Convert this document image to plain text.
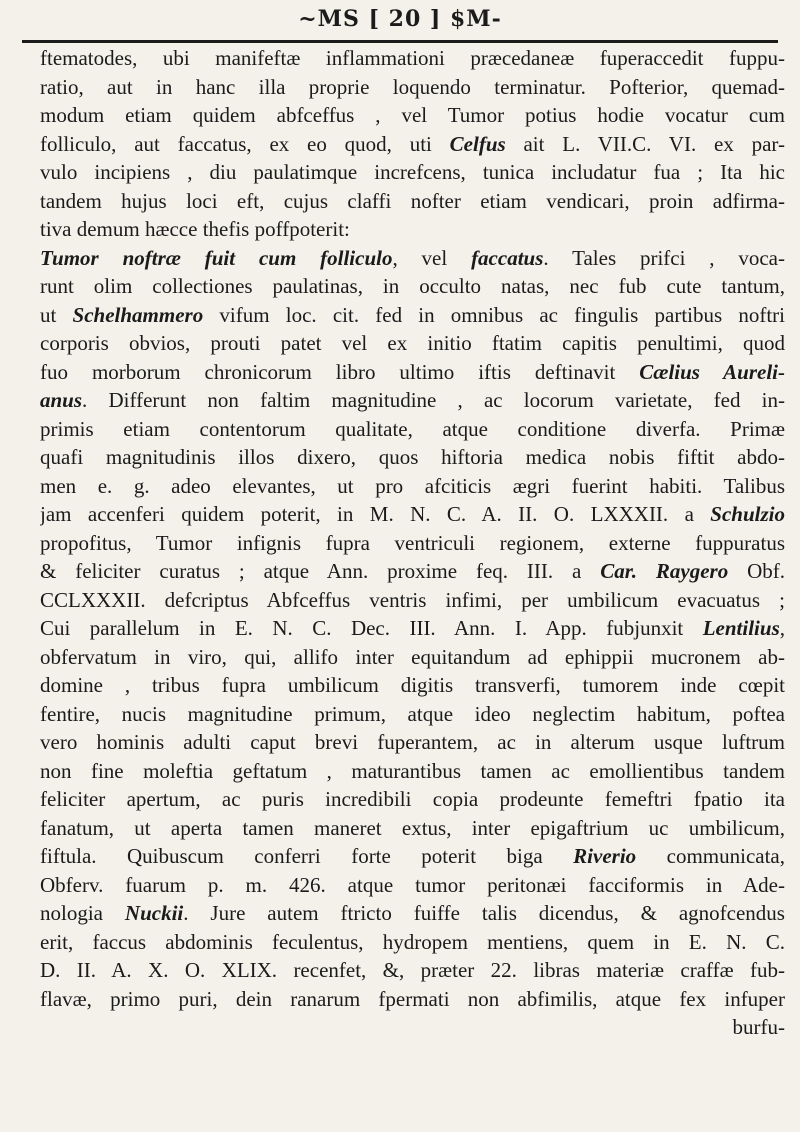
~MS [ 20 ] $M-
ftematodes, ubi manifeftæ inflammationi præcedaneæ fuperaccedit fuppu-
ratio, aut in hanc illa proprie loquendo terminatur. Pofterior, quemad-
modum etiam quidem abfceffus , vel Tumor potius hodie vocatur cum
folliculo, aut faccatus, ex eo quod, uti Celfus ait L. VII.C. VI. ex par-
vulo incipiens , diu paulatimque increfcens, tunica includatur fua ; Ita hic
tandem hujus loci eft, cujus claffi nofter etiam vendicari, proin adfirma-
tiva demum hæcce thefis poffpoterit:
Tumor noftræ fuit cum folliculo, vel faccatus. Tales prifci , voca-
runt olim collectiones paulatinas, in occulto natas, nec fub cute tantum,
ut Schelhammero vifum loc. cit. fed in omnibus ac fingulis partibus noftri
corporis obvios, prouti patet vel ex initio ftatim capitis penultimi, quod
fuo morborum chronicorum libro ultimo iftis deftinavit Cælius Aureli-
anus. Differunt non faltim magnitudine , ac locorum varietate, fed in-
primis etiam contentorum qualitate, atque conditione diverfa. Primæ
quafi magnitudinis illos dixero, quos hiftoria medica nobis fiftit abdo-
men e. g. adeo elevantes, ut pro afciticis ægri fuerint habiti. Talibus
jam accenferi quidem poterit, in M. N. C. A. II. O. LXXXII. a Schulzio
propofitus, Tumor infignis fupra ventriculi regionem, externe fuppuratus
& feliciter curatus ; atque Ann. proxime feq. III. a Car. Raygero Obf.
CCLXXXII. defcriptus Abfceffus ventris infimi, per umbilicum evacuatus ;
Cui parallelum in E. N. C. Dec. III. Ann. I. App. fubjunxit Lentilius,
obfervatum in viro, qui, allifo inter equitandum ad ephippii mucronem ab-
domine , tribus fupra umbilicum digitis transverfi, tumorem inde cœpit
fentire, nucis magnitudine primum, atque ideo neglectim habitum, poftea
vero hominis adulti caput brevi fuperantem, ac in alterum usque luftrum
non fine moleftia geftatum , maturantibus tamen ac emollientibus tandem
feliciter apertum, ac puris incredibili copia prodeunte femeftri fpatio ita
fanatum, ut aperta tamen maneret extus, inter epigaftrium uc umbilicum,
fiftula. Quibuscum conferri forte poterit biga Riverio communicata,
Obferv. fuarum p. m. 426. atque tumor peritonæi facciformis in Ade-
nologia Nuckii. Jure autem ftricto fuiffe talis dicendus, & agnofcendus
erit, faccus abdominis feculentus, hydropem mentiens, quem in E. N. C.
D. II. A. X. O. XLIX. recenfet, &, præter 22. libras materiæ craffæ fub-
flavæ, primo puri, dein ranarum fpermati non abfimilis, atque fex infuper
burfu-
